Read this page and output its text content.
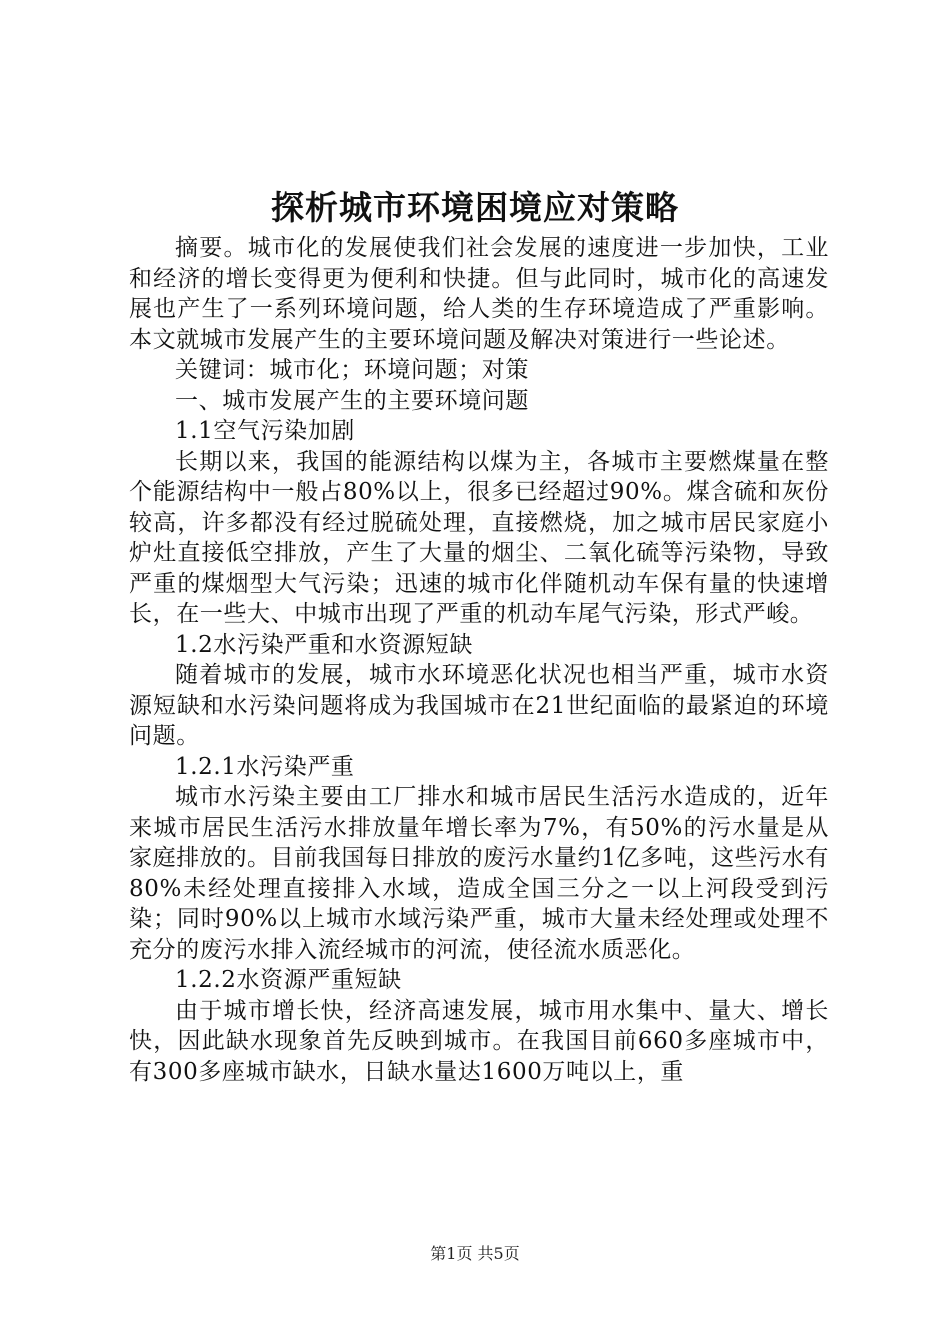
探析城市环境困境应对策略

摘要。城市化的发展使我们社会发展的速度进一步加快，工业和经济的增长变得更为便利和快捷。但与此同时，城市化的高速发展也产生了一系列环境问题，给人类的生存环境造成了严重影响。本文就城市发展产生的主要环境问题及解决对策进行一些论述。

关键词：城市化；环境问题；对策

一、城市发展产生的主要环境问题

1.1空气污染加剧

长期以来，我国的能源结构以煤为主，各城市主要燃煤量在整个能源结构中一般占80%以上，很多已经超过90%。煤含硫和灰份较高，许多都没有经过脱硫处理，直接燃烧，加之城市居民家庭小炉灶直接低空排放，产生了大量的烟尘、二氧化硫等污染物，导致严重的煤烟型大气污染；迅速的城市化伴随机动车保有量的快速增长，在一些大、中城市出现了严重的机动车尾气污染，形式严峻。

1.2水污染严重和水资源短缺

随着城市的发展，城市水环境恶化状况也相当严重，城市水资源短缺和水污染问题将成为我国城市在21世纪面临的最紧迫的环境问题。

1.2.1水污染严重

城市水污染主要由工厂排水和城市居民生活污水造成的，近年来城市居民生活污水排放量年增长率为7%，有50%的污水量是从家庭排放的。目前我国每日排放的废污水量约1亿多吨，这些污水有80%未经处理直接排入水域，造成全国三分之一以上河段受到污染；同时90%以上城市水域污染严重，城市大量未经处理或处理不充分的废污水排入流经城市的河流，使径流水质恶化。

1.2.2水资源严重短缺

由于城市增长快，经济高速发展，城市用水集中、量大、增长快，因此缺水现象首先反映到城市。在我国目前660多座城市中，有300多座城市缺水，日缺水量达1600万吨以上，重

第1页 共5页
